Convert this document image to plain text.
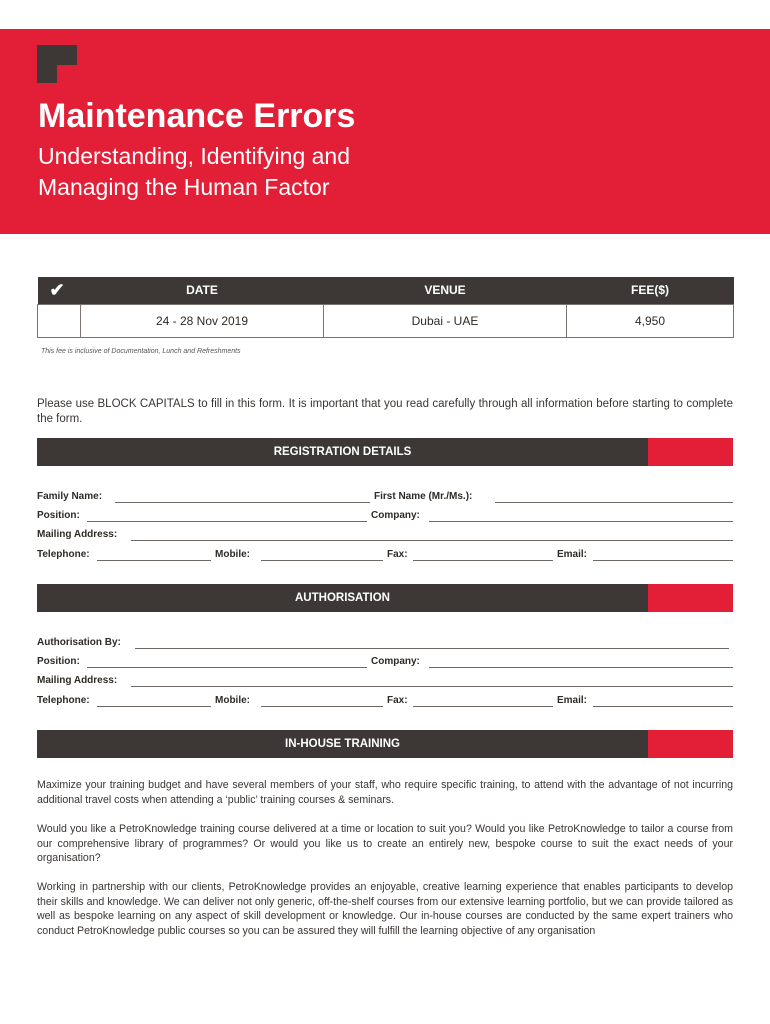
Maintenance Errors
Understanding, Identifying and
Managing the Human Factor
✔	DATE	VENUE	FEE($)
	24 - 28 Nov 2019	Dubai - UAE	4,950
This fee is inclusive of Documentation, Lunch and Refreshments
Please use BLOCK CAPITALS to fill in this form. It is important that you read carefully through all information before starting to complete the form.
REGISTRATION DETAILS
Family Name:	First Name (Mr./Ms.):
Position:	Company:
Mailing Address:
Telephone:	Mobile:	Fax:	Email:
AUTHORISATION
Authorisation By:
Position:	Company:
Mailing Address:
Telephone:	Mobile:	Fax:	Email:
IN-HOUSE TRAINING
Maximize your training budget and have several members of your staff, who require specific training, to attend with the advantage of not incurring additional travel costs when attending a ‘public’ training courses & seminars.
Would you like a PetroKnowledge training course delivered at a time or location to suit you? Would you like PetroKnowledge to tailor a course from our comprehensive library of programmes? Or would you like us to create an entirely new, bespoke course to suit the exact needs of your organisation?
Working in partnership with our clients, PetroKnowledge provides an enjoyable, creative learning experience that enables participants to develop their skills and knowledge. We can deliver not only generic, off-the-shelf courses from our extensive learning portfolio, but we can provide tailored as well as bespoke learning on any aspect of skill development or knowledge. Our in-house courses are conducted by the same expert trainers who conduct PetroKnowledge public courses so you can be assured they will fulfill the learning objective of any organisation
